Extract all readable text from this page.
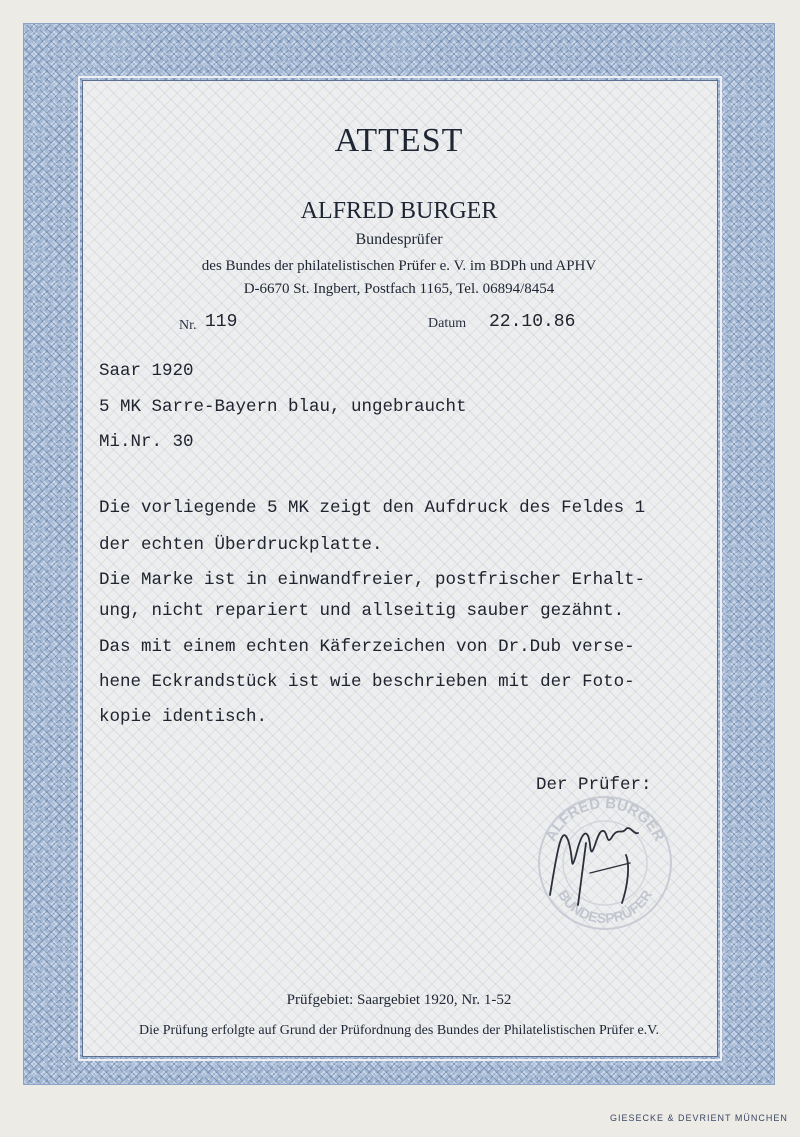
ATTEST
ALFRED BURGER
Bundesprüfer
des Bundes der philatelistischen Prüfer e. V. im BDPh und APHV
D-6670 St. Ingbert, Postfach 1165, Tel. 06894/8454
Nr. 119	Datum 22.10.86
Saar 1920
5 MK Sarre-Bayern blau, ungebraucht
Mi.Nr. 30
Die vorliegende 5 MK zeigt den Aufdruck des Feldes 1
der echten Überdruckplatte.
Die Marke ist in einwandfreier, postfrischer Erhalt-
ung, nicht repariert und allseitig sauber gezähnt.
Das mit einem echten Käferzeichen von Dr.Dub verse-
hene Eckrandstück ist wie beschrieben mit der Foto-
kopie identisch.
Der Prüfer:
ALFRED BURGER
BUNDESPRÜFER
Prüfgebiet: Saargebiet 1920, Nr. 1-52
Die Prüfung erfolgte auf Grund der Prüfordnung des Bundes der Philatelistischen Prüfer e.V.
GIESECKE & DEVRIENT MÜNCHEN
